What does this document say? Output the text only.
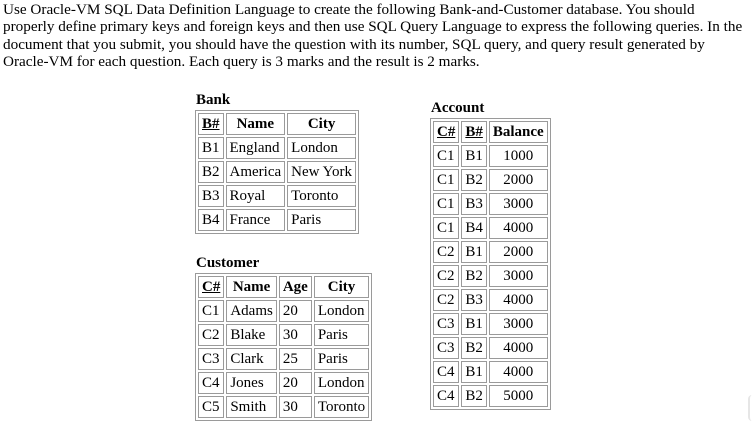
Use Oracle-VM SQL Data Definition Language to create the following Bank-and-Customer database. You should properly define primary keys and foreign keys and then use SQL Query Language to express the following queries. In the document that you submit, you should have the question with its number, SQL query, and query result generated by Oracle-VM for each question. Each query is 3 marks and the result is 2 marks.

Bank
B#	Name	City
B1	England	London
B2	America	New York
B3	Royal	Toronto
B4	France	Paris
Customer
C#	Name	Age	City
C1	Adams	20	London
C2	Blake	30	Paris
C3	Clark	25	Paris
C4	Jones	20	London
C5	Smith	30	Toronto
Account
C#	B#	Balance
C1	B1	1000
C1	B2	2000
C1	B3	3000
C1	B4	4000
C2	B1	2000
C2	B2	3000
C2	B3	4000
C3	B1	3000
C3	B2	4000
C4	B1	4000
C4	B2	5000
